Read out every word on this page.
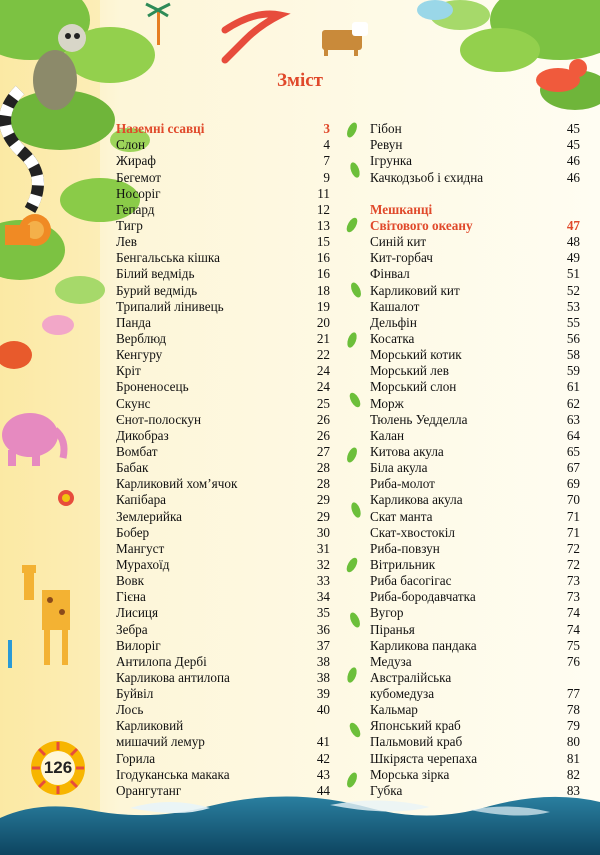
Зміст
Наземні ссавці	3
Слон	4
Жираф	7
Бегемот	9
Носоріг	11
Гепард	12
Тигр	13
Лев	15
Бенгальська кішка	16
Білий ведмідь	16
Бурий ведмідь	18
Трипалий лінивець	19
Панда	20
Верблюд	21
Кенгуру	22
Кріт	24
Броненосець	24
Скунс	25
Єнот-полоскун	26
Дикобраз	26
Вомбат	27
Бабак	28
Карликовий хом’ячок	28
Капібара	29
Землерийка	29
Бобер	30
Мангуст	31
Мурахоїд	32
Вовк	33
Гієна	34
Лисиця	35
Зебра	36
Вилоріг	37
Антилопа Дербі	38
Карликова антилопа	38
Буйвіл	39
Лось	40
Карликовий
мишачий лемур	41
Горила	42
Ігодуканська макака	43
Орангутанг	44
Гібон	45
Ревун	45
Ігрунка	46
Качкодзьоб і єхидна	46
Мешканці
Світового океану	47
Синій кит	48
Кит-горбач	49
Фінвал	51
Карликовий кит	52
Кашалот	53
Дельфін	55
Косатка	56
Морський котик	58
Морський лев	59
Морський слон	61
Морж	62
Тюлень Уедделла	63
Калан	64
Китова акула	65
Біла акула	67
Риба-молот	69
Карликова акула	70
Скат манта	71
Скат-хвостокіл	71
Риба-повзун	72
Вітрильник	72
Риба басогігас	73
Риба-бородавчатка	73
Вугор	74
Піранья	74
Карликова пандака	75
Медуза	76
Австралійська
кубомедуза	77
Кальмар	78
Японський краб	79
Пальмовий краб	80
Шкіряста черепаха	81
Морська зірка	82
Губка	83
126
